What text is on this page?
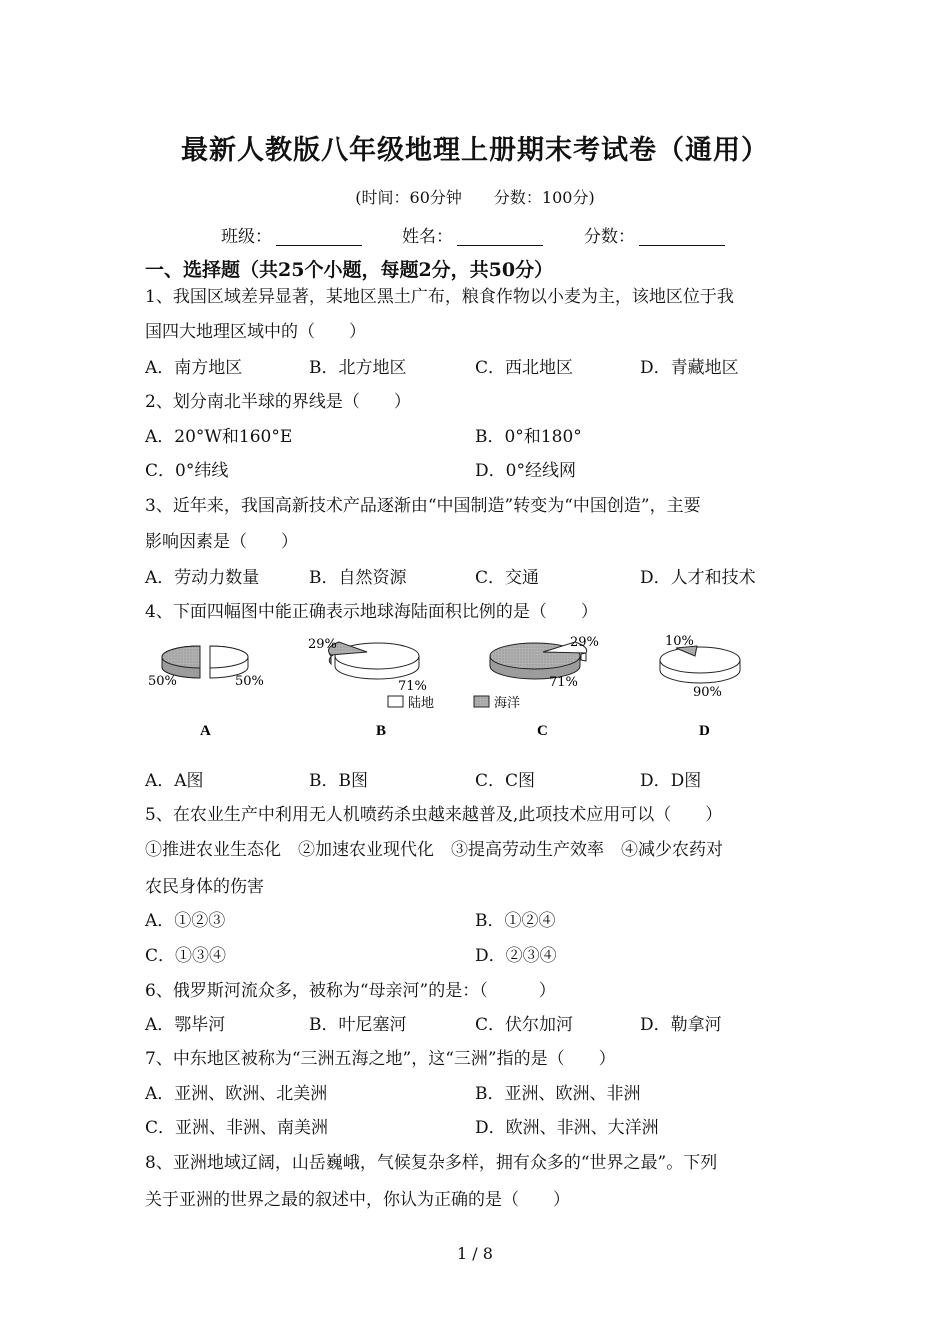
最新人教版八年级地理上册期末考试卷（通用）
(时间：60分钟　　分数：100分)
班级：	姓名：	分数：
一、选择题（共25个小题，每题2分，共50分）
1、我国区域差异显著，某地区黑土广布，粮食作物以小麦为主，该地区位于我
国四大地理区域中的（　　）
A．南方地区	B．北方地区	C．西北地区	D．青藏地区
2、划分南北半球的界线是（　　）
A．20°W和160°E	B．0°和180°
C．0°纬线	D．0°经线网
3、近年来，我国高新技术产品逐渐由“中国制造”转变为“中国创造”，主要
影响因素是（　　）
A．劳动力数量	B．自然资源	C．交通	D．人才和技术
4、下面四幅图中能正确表示地球海陆面积比例的是（　　）
50%	50%
A
29%
71%
B
29%
71%
C
10%
90%
D
陆地	海洋
A．A图	B．B图	C．C图	D．D图
5、在农业生产中利用无人机喷药杀虫越来越普及,此项技术应用可以（　　）
①推进农业生态化　②加速农业现代化　③提高劳动生产效率　④减少农药对
农民身体的伤害
A．①②③	B．①②④
C．①③④	D．②③④
6、俄罗斯河流众多，被称为“母亲河”的是：（　　　）
A．鄂毕河	B．叶尼塞河	C．伏尔加河	D．勒拿河
7、中东地区被称为“三洲五海之地”，这“三洲”指的是（　　）
A．亚洲、欧洲、北美洲	B．亚洲、欧洲、非洲
C．亚洲、非洲、南美洲	D．欧洲、非洲、大洋洲
8、亚洲地域辽阔，山岳巍峨，气候复杂多样，拥有众多的“世界之最”。下列
关于亚洲的世界之最的叙述中，你认为正确的是（　　）
1 / 8
